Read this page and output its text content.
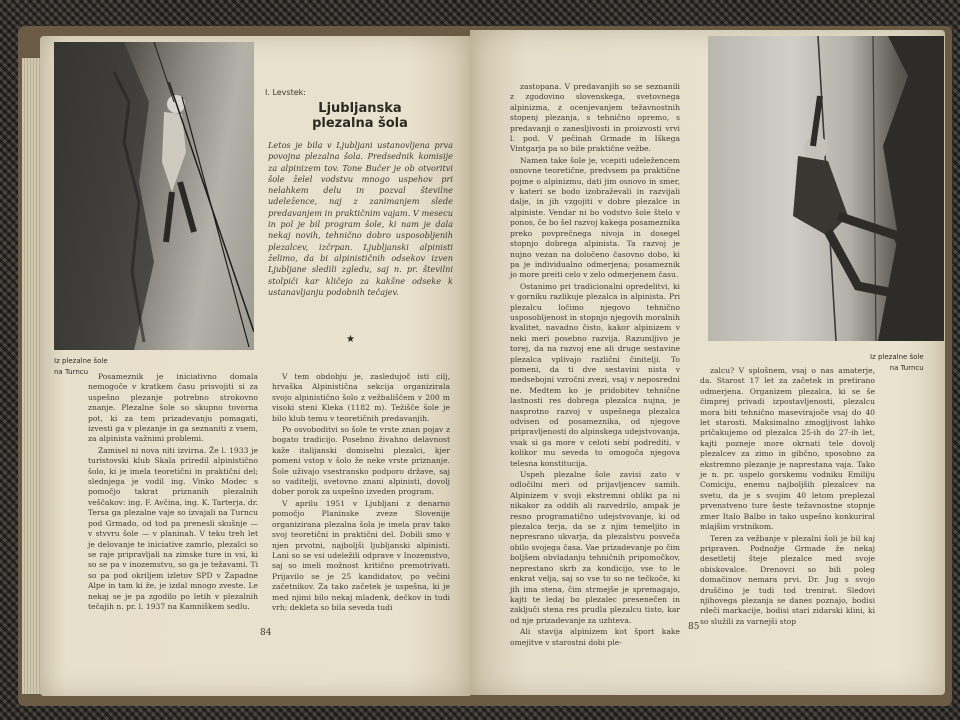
Iz plezalne šole
na Turncu

I. Levstek:

Ljubljanska

plezalna šola

Letos je bila v Ljubljani ustanovljena prva povojna plezalna šola. Predsednik komisije za alpinizem tov. Tone Bučer je ob otvoritvi šole želel vodstvu mnogo uspehov pri nelahkem delu in pozval številne udeležence, naj z zanimanjem slede predavanjem in praktičnim vajam. V mesecu in pol je bil program šole, ki nam je dala nekaj novih, tehnično dobro usposobljenih plezalcev, izčrpan. Ljubljanski alpinisti želimo, da bi alpinističnih odsekov izven Ljubljane sledili zgledu, saj n. pr. številni stolpiči kar kličejo za kakšne odseke k ustanavljanju podobnih tečajev.
★

Posameznik je iniciativno domala nemogoče v kratkem času prisvojiti si za uspešno plezanje potrebno strokovno znanje. Plezalne šole so skupno tovorna pot, ki za tem prizadevanju pomagati, izvesti ga v plezanje in ga seznaniti z vsem, za alpinista važnimi problemi.

Zamisel ni nova niti izvirna. Že l. 1933 je turistovski klub Skala priredil alpinistično šolo, ki je imela teoretični in praktični del; slednjega je vodil ing. Vinko Modec s pomočjo takrat priznanih plezalnih veščakov: ing. F. Avčina, ing. K. Tarterja, dr. Tersa ga plezalne vaje so izvajali na Turncu pod Grmado, od tod pa prenesli skušnje — v stvvru šole — v planinah. V teku treh let je delovanje te iniciative zamrlo, plezalci so se raje pripravljali na zimske ture in vsi, ki so se pa v inozemstvu, so ga je težavami. Ti so pa pod okriljem izletov SPD v Zapadne Alpe in tam ki že, je izdal mnogo zveste. Le nekaj se je pa zgodilo po letih v plezalnih tečajih n. pr. l. 1937 na Kamniškem sedlu.

V tem obdobju je, zasledujoč isti cilj, hrvaška Alpinistična sekcija organizirala svojo alpinistično šolo z vežbališčem v 200 m visoki steni Kleka (1182 m). Težišče šole je bilo klub temu v teoretičnih predavanjih.

Po osvoboditvi so šole te vrste znan pojav z bogato tradicijo. Posebno živahno delavnost kaže italijanski domiselni plezalci, kjer pomeni vstop v šolo že neke vrste priznanje. Šole uživajo vsestransko podporo države, saj so vaditelji, svetovno znani alpinisti, dovolj dober porok za uspešno izveden program.

V aprilu 1951 v Ljubljani z denarno pomočjo Planinske zveze Slovenije organizirana plezalna šola je imela prav tako svoj teoretični in praktični del. Dobili smo v njen prvotni, najboljši ljubljanski alpinisti. Lani so se vsi udeležili odprave v Inozemstvo, saj so imeli možnost kritično premotrivati. Prijavilo se je 25 kandidatov, po večini začetnikov. Za tako začetek je uspešna, ki je med njimi bilo nekaj mladenk, dečkov in tudi vrh; dekleta so bila seveda tudi

84
Iz plezalne šole
na Turncu

zastopana. V predavanjih so se seznanili z zgodovino slovenskega, svetovnega alpinizma, z ocenjevanjem težavnostnih stopenj plezanja, s tehnično opremo, s predavanji o zanesljivosti in proizvosti vrvi l. pod. V pečinah Grmade in Iškega Vintgarja pa so bile praktične vežbe.

Namen take šole je, vcepiti udeležencem osnovne teoretične, predvsem pa praktične pojme o alpinizmu, dati jim osnovo in smer, v kateri se bodo izobraževali in razvijali dalje, in jih vzgojiti v dobre plezalce in alpiniste. Vendar ni bo vodstvo šole štelo v ponos, če bo šel razvoj kakega posameznika preko povprečnega nivoja in dosegel stopnjo dobrega alpinista. Ta razvoj je nujno vezan na določeno časovno dobo, ki pa je individualno odmerjena; posameznik jo more preiti celo v zelo odmerjenem času.

Ostanimo pri tradicionalni opredelitvi, ki v gorniku razlikuje plezalca in alpinista. Pri plezalcu ločimo njegovo tehnično usposobljenost in stopnjo njegovih moralnih kvalitet, navadno čisto, kakor alpinizem v neki meri posebno razvija. Razumljivo je torej, da na razvoj ene ali druge sestavine plezalca vplivajo različni činitelji. To pomeni, da ti dve sestavini nista v medsebojni vzročni zvezi, vsaj v neposredni ne. Medtem ko je pridobitev tehnične lastnosti res dobrega plezalca nujna, je nasprotno razvoj v uspešnega plezalca odvisen od posameznika, od njegove pripravljenosti do alpinskega udejstvovanja, vsak si ga more v celoti sebi podrediti, v kolikor mu seveda to omogoča njegova telesna konstitucija.

Uspeh plezalne šole zavisi zato v odločilni meri od prijavljencev samih. Alpinizem v svoji ekstremni obliki pa ni nikakor za oddih ali razvedrilo, ampak je resno programatično udejstvovanje, ki od plezalca terja, da se z njim temeljito in nepresrano ukvarja, da plezalstvu posveča obilo svojega časa. Vae prizadevanje po čim boljšem obvladanju tehničnih pripomočkov, neprestano skrb za kondicijo, vse to le enkrat velja, saj so vse to so ne tečkoče, ki jih ima stena, čim strmejše je spremagajo, kajti te ledaj bo plezalec presenečen in zaključi stena res prudla plezalcu tisto, kar od nje prizadevanje za uzhteva.

Ali stavija alpinizem kot šport kake omejitve v starostni dobi ple-

zalcu? V splošnem, vsaj o nas amaterje, da. Starost 17 let za začetek in pretirano odmerjena. Organizem plezalca, ki se še čimprej privadi izpostavljenosti, plezalcu mora biti tehnično masevirajoče vsaj do 40 let starosti. Maksimalno zmogljivost lahko pričakujemo od plezalca 25-ih do 27-ih let, kajti pozneje more okrnati tele dovolj plezalcev za zimo in gibčno, sposobno za ekstremno plezanje je naprestana vaja. Tako je n. pr. uspelo gorskemu vodniku Emiliju Comiciju, enemu najboljših plezalcev na svetu, da je s svojim 40 letom preplezal prvenstveno ture šeste težavnostne stopnje zmer Italo Balbo in tako uspešno konkuriral mlajšim vrstnikom.

Teren za vežbanje v plezalni šoli je bil kaj pripraven. Podnožje Grmade že nekaj desetletij šteje plezalce med svoje obiskovalce. Drenovci so bili poleg domačinov nemara prvi. Dr. Jug s svojo druščino je tudi tod trenirat. Sledovi njihovega plezanja se danes poznajo, bodisi rdeči markacije, bodisi stari zidarski klini, ki so služili za varnejši stop

85
